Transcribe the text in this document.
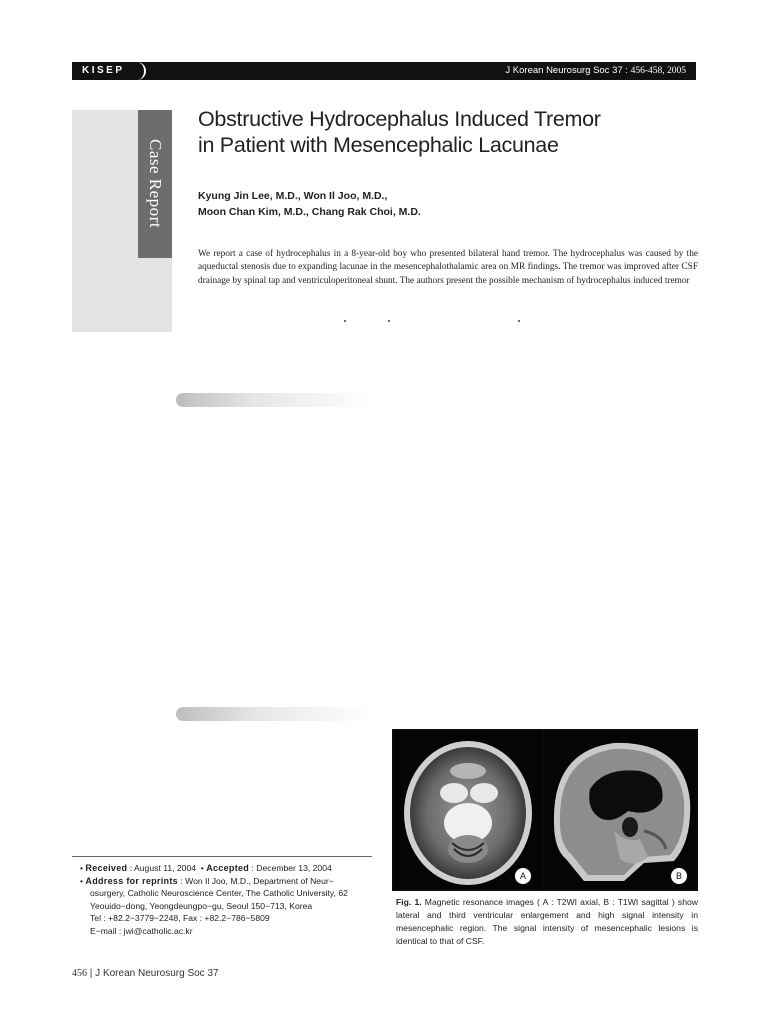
KISEP	J Korean Neurosurg Soc 37 : 456-458, 2005
Case Report
Obstructive Hydrocephalus Induced Tremor
in Patient with Mesencephalic Lacunae
Kyung Jin Lee, M.D., Won Il Joo, M.D.,
Moon Chan Kim, M.D., Chang Rak Choi, M.D.

We report a case of hydrocephalus in a 8-year-old boy who presented bilateral hand tremor. The hydrocephalus was caused by the aqueductal stenosis due to expanding lacunae in the mesencephalothalamic area on MR findings. The tremor was improved after CSF drainage by spinal tap and ventriculoperitoneal shunt. The authors present the possible mechanism of hydrocephalus induced tremor

A	B

Fig. 1. Magnetic resonance images ( A : T2WI axial, B : T1WI sagittal ) show lateral and third ventricular enlargement and high signal intensity in mesencephalic region. The signal intensity of mesencephalic lesions is identical to that of CSF.

• Received : August 11, 2004  • Accepted : December 13, 2004
• Address for reprints : Won Il Joo, M.D., Department of Neur−
osurgery, Catholic Neuroscience Center, The Catholic University, 62
Yeouido−dong, Yeongdeungpo−gu, Seoul 150−713, Korea
Tel : +82.2−3779−2248, Fax : +82.2−786−5809
E−mail : jwi@catholic.ac.kr
456 | J Korean Neurosurg Soc 37
